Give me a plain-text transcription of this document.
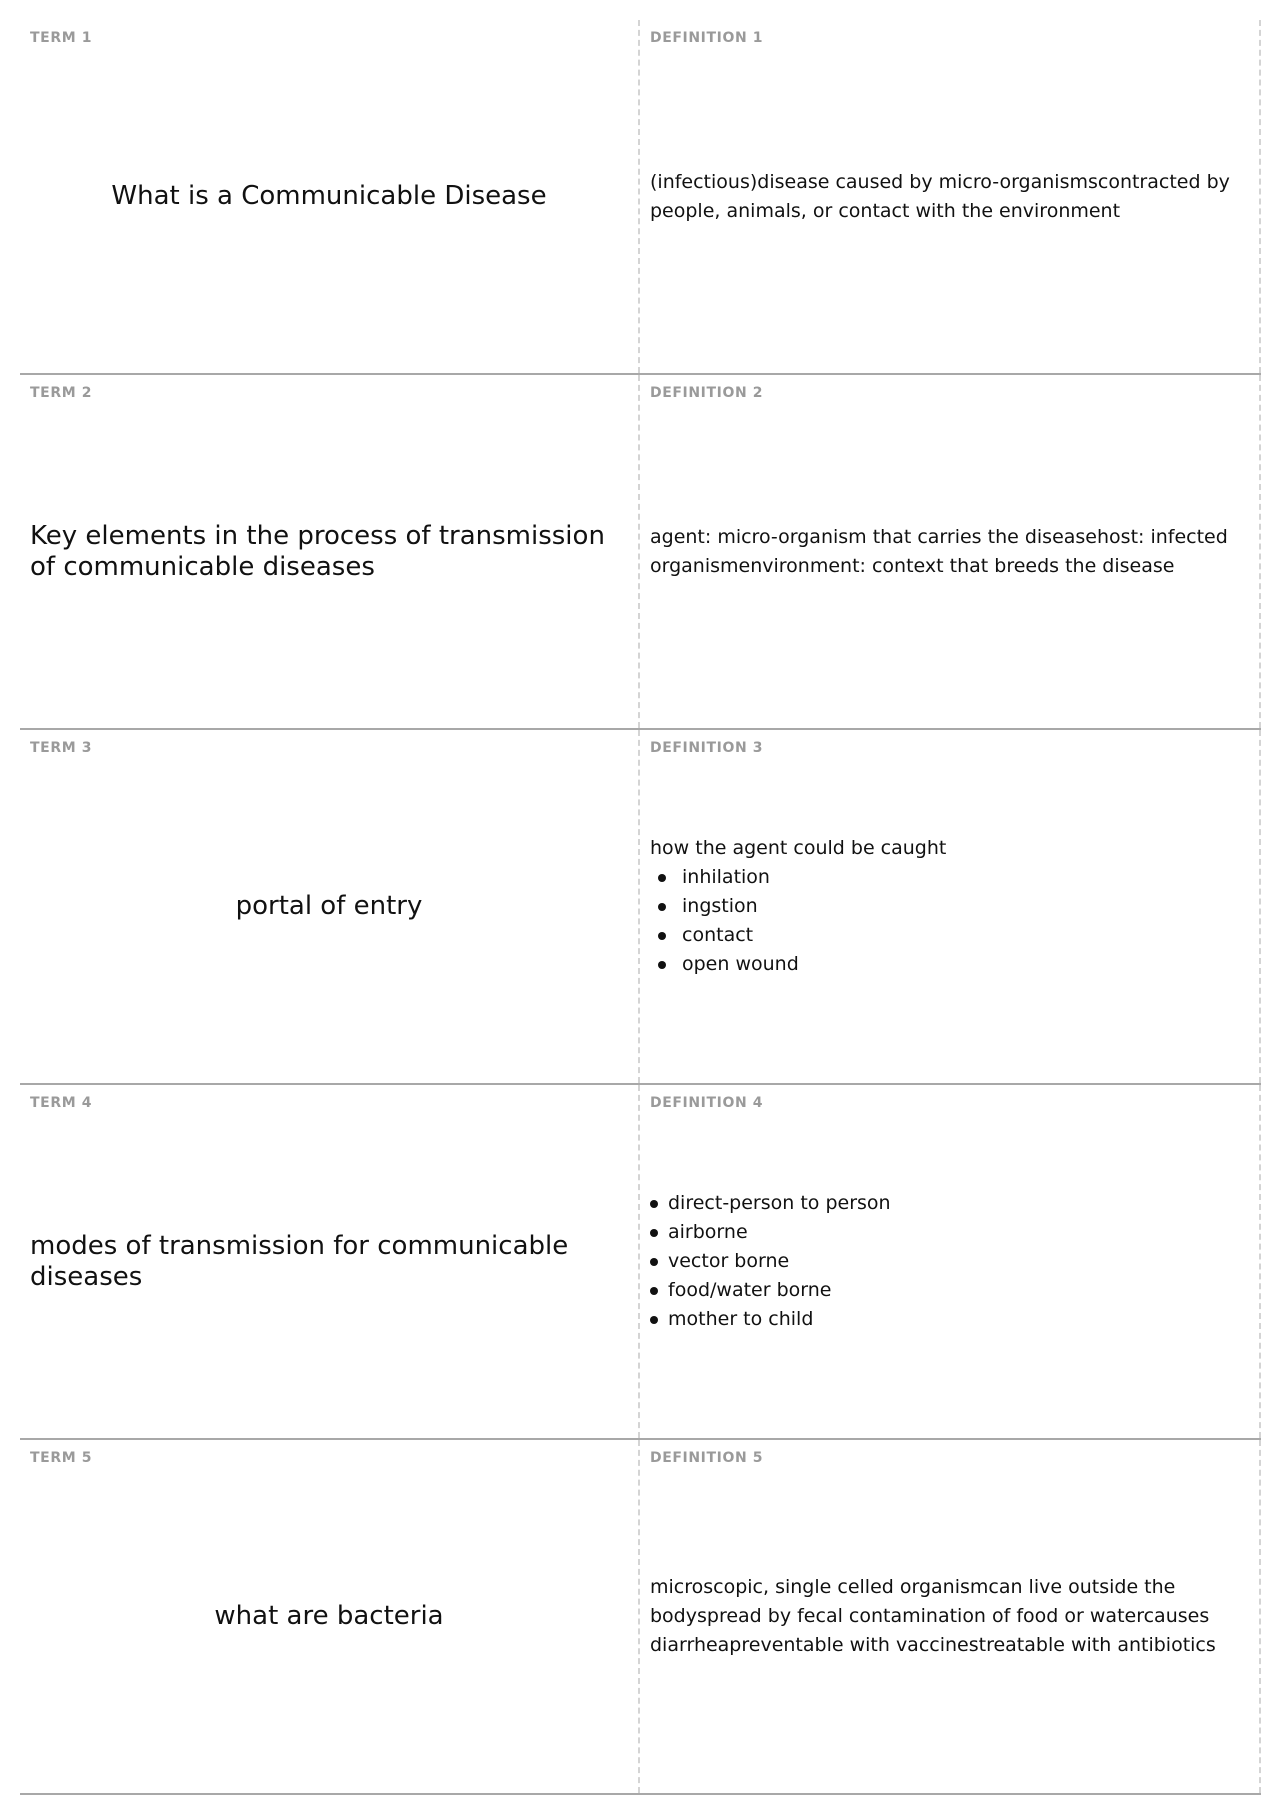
TERM 1
What is a Communicable Disease
DEFINITION 1
(infectious)disease caused by micro-organismscontracted by people, animals, or contact with the environment
TERM 2
Key elements in the process of transmission of communicable diseases
DEFINITION 2
agent: micro-organism that carries the diseasehost: infected organismenvironment: context that breeds the disease
TERM 3
portal of entry
DEFINITION 3
how the agent could be caught
inhilation
ingstion
contact
open wound
TERM 4
modes of transmission for communicable diseases
DEFINITION 4
direct-person to person
airborne
vector borne
food/water borne
mother to child
TERM 5
what are bacteria
DEFINITION 5
microscopic, single celled organismcan live outside the bodyspread by fecal contamination of food or watercauses diarrheapreventable with vaccinestreatable with antibiotics
